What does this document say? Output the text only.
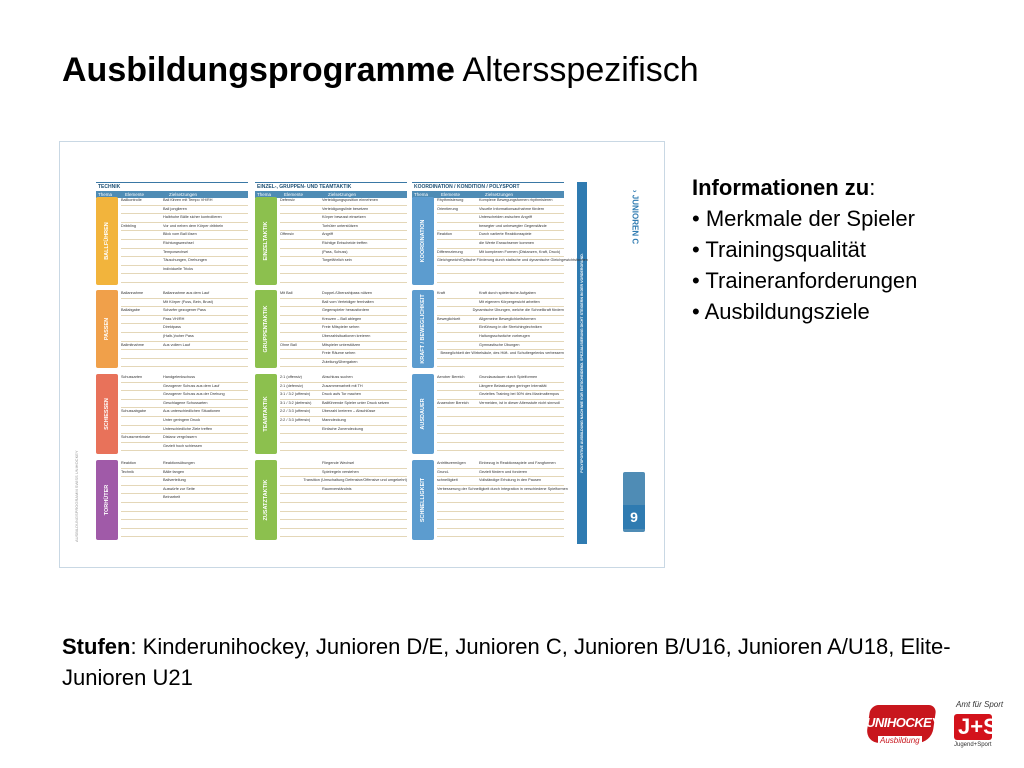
Ausbildungsprogramme Altersspezifisch
AUSBILDUNGSPROGRAMM SWISS UNIHOCKEY
POLYSPORTIVE AUSBILDUNG NACH WIE VOR ENTSCHEIDEND. SPEZIALISIERUNG DICHT STEIGERN IN DER VORDERGRUND.
› JUNIOREN C
9
TECHNIK
Thema	Elemente	Zielsetzungen
BALLFÜHREN
Ballkontrolle	Ball führen mit Tempo VH/RH
Ball jonglieren
Halbhohe Bälle sicher kontrollieren
Dribbling	Vor und neben dem Körper dribbeln
Blick vom Ball lösen
Richtungswechsel
Tempowechsel
Täuschungen, Drehungen
Individuelle Tricks
PASSEN
Ballannahme	Ballannahme aus dem Lauf
Mit Körper (Fuss, Bein, Brust)
Ballabgabe	Scharfer gezogener Pass
Pass VH/RH
Direktpass
(Halb-)hoher Pass
Ballmitnahme	Aus vollem Lauf
SCHIESSEN
Schussarten	Handgelenkschuss
Gezogener Schuss aus dem Lauf
Gezogener Schuss aus der Drehung
Geschlagene Schussarten
Schussabgabe	Aus unterschiedlichen Situationen
Unter geringem Druck
Unterschiedliche Ziele treffen
Schussmerkmale	Distanz vergrössern
Gezielt hoch schiessen
TORHÜTER
Reaktion	Reaktionsübungen
Technik	Bälle fangen
Ballverteilung
Auswürfe zur Seite
Beinarbeit
EINZEL-, GRUPPEN- UND TEAMTAKTIK
Thema	Elemente	Zielsetzungen
EINZELTAKTIK
Defensiv	Verteidigungsposition einnehmen
Verteidigungslinie besetzen
Körper bewusst einsetzen
Torhüter unterstützen
Offensiv	Angriff
Richtige Entscheide treffen
(Pass, Schuss)
Torgefährlich sein
GRUPPENTAKTIK
Mit Ball	Doppel-/Überzahlpass nützen
Ball vom Verteidiger fernhalten
Gegenspieler herausfordern
Kreuzen – Ball ablegen
Freie Mitspieler sehen
Überzahlsituationen kreieren
Ohne Ball	Mitspieler unterstützen
Freie Räume sehen
Zuteilung/Übergaben
TEAMTAKTIK
2:1 (offensiv)	Abschluss suchen
2:1 (defensiv)	Zusammenarbeit mit TH
3:1 / 3:2 (offensiv)	Druck aufs Tor machen
3:1 / 3:2 (defensiv)	Ballführende Spieler unter Druck setzen
2:2 / 3:3 (offensiv)	Überzahl kreieren – Abschlüsse
2:2 / 3:3 (offensiv)	Manndeckung
Einfache Zonendeckung
ZUSATZTAKTIK
Fliegende Wechsel
Spielregeln verstehen
Transition (Umschaltung Defensive/Offensive und umgekehrt)
Raumverständnis
KOORDINATION / KONDITION / POLYSPORT
Thema	Elemente	Zielsetzungen
KOORDINATION
Rhythmisierung	Komplexe Bewegungsformen rhythmisieren
Orientierung	Visuelle Informationsaufnahme fördern
Unterscheiden zwischen Angriff
bewegter und unbewegter Gegenstände
Reaktion	Durch variierte Reaktionsspiele
die Werte Erwachsener kommen
Differenzierung	Mit komplexen Formen (Distanzen, Kraft, Druck)
Gleichgewicht Optische Förderung durch statische und dynamische Gleichgewichtsformen
KRAFT / BEWEGLICHKEIT
Kraft	Kraft durch spielerische Aufgaben
Mit eigenem Körpergewicht arbeiten
Dynamische Übungen, welche die Schnellkraft fördern
Beweglichkeit	Allgemeine Beweglichkeitsformen
Einführung in die Stretchingtechniken
Haltungsschwäche vorbeugen
Gymnastische Übungen
Beweglichkeit der Wirbelsäule, des Hüft- und Schultergelenks verbessern
AUSDAUER
Aerober Bereich	Grundausdauer durch Spielformen
Längere Belastungen geringer Intensität
Gezieltes Training bei 50% des Maximaltempos
Anaerober Bereich	Vermeiden, ist in dieser Altersstufe nicht sinnvoll
SCHNELLIGKEIT
Antrittsvermögen	Einbezug in Reaktionsspiele und Fangformen
Grund-	Gezielt fördern und forcieren
schnelligkeit	Vollständige Erholung in den Pausen
Verbesserung der Schnelligkeit durch Integration in verschiedene Spielformen
Informationen zu:
• Merkmale der Spieler
• Trainingsqualität
• Traineranforderungen
• Ausbildungsziele
Stufen: Kinderunihockey, Junioren D/E, Junioren C, Junioren B/U16, Junioren A/U18, Elite-Junioren U21
UNIHOCKEY
Ausbildung
Amt für Sport
J+S
Jugend+Sport
